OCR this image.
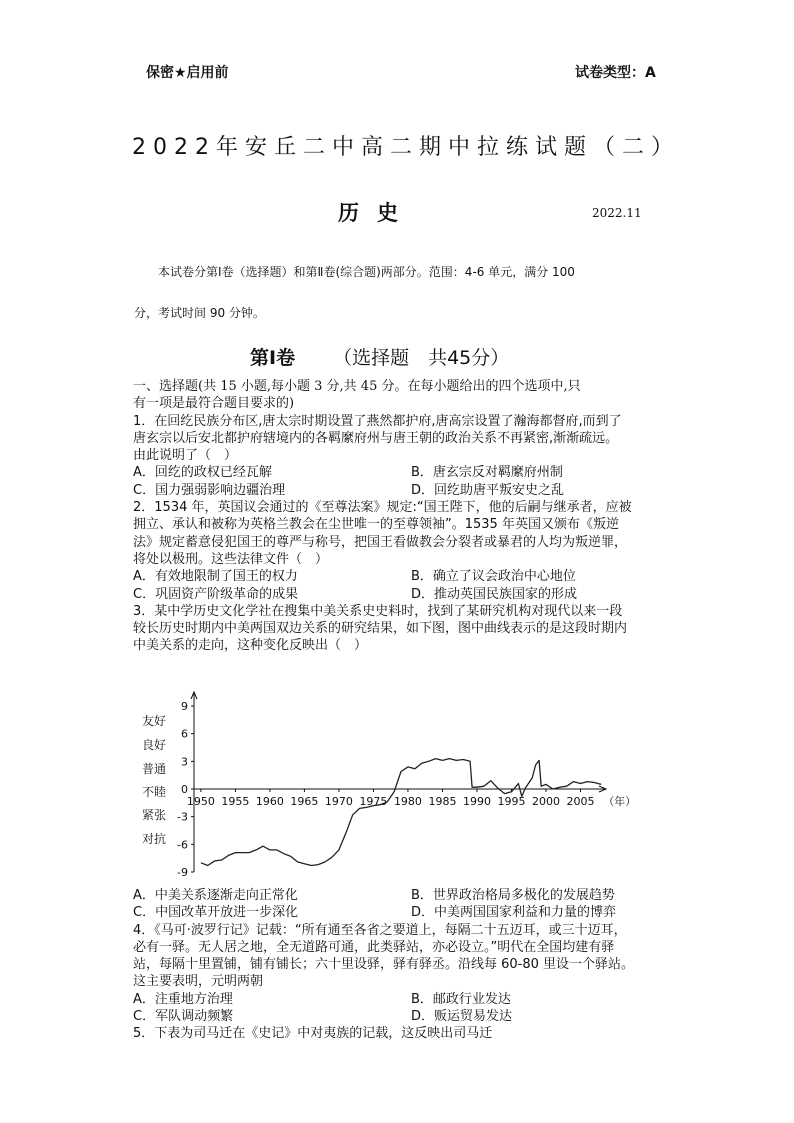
保密★启用前	试卷类型：A
2022年安丘二中高二期中拉练试题（二）
历史	2022.11
本试卷分第Ⅰ卷（选择题）和第Ⅱ卷(综合题)两部分。范围：4-6 单元，满分 100
分，考试时间 90 分钟。
第Ⅰ卷 （选择题　共45分）
一、选择题(共 15 小题,每小题 3 分,共 45 分。在每小题给出的四个选项中,只
有一项是最符合题目要求的)
1．在回纥民族分布区,唐太宗时期设置了燕然都护府,唐高宗设置了瀚海都督府,而到了
唐玄宗以后安北都护府辖境内的各羁縻府州与唐王朝的政治关系不再紧密,渐渐疏远。
由此说明了（　）
A．回纥的政权已经瓦解	B．唐玄宗反对羁縻府州制
C．国力强弱影响边疆治理	D．回纥助唐平叛安史之乱
2．1534 年，英国议会通过的《至尊法案》规定:“国王陛下，他的后嗣与继承者，应被
拥立、承认和被称为英格兰教会在尘世唯一的至尊领袖”。1535 年英国又颁布《叛逆
法》规定蓄意侵犯国王的尊严与称号，把国王看做教会分裂者或暴君的人均为叛逆罪，
将处以极刑。这些法律文件（　）
A．有效地限制了国王的权力	B．确立了议会政治中心地位
C．巩固资产阶级革命的成果	D．推动英国民族国家的形成
3．某中学历史文化学社在搜集中美关系史史料时，找到了某研究机构对现代以来一段
较长历史时期内中美两国双边关系的研究结果，如下图，图中曲线表示的是这段时期内
中美关系的走向，这种变化反映出（　）
友好
良好
普通
不睦
紧张
对抗
9
6
3
0
-3
-6
-9
1950 1955 1960 1965 1970 1975 1980 1985 1990 1995 2000 2005 （年）
A．中美关系逐渐走向正常化	B．世界政治格局多极化的发展趋势
C．中国改革开放进一步深化	D．中美两国国家利益和力量的博弈
4．《马可·波罗行记》记载：“所有通至各省之要道上，每隔二十五迈耳，或三十迈耳，
必有一驿。无人居之地，全无道路可通，此类驿站，亦必设立。”明代在全国均建有驿
站，每隔十里置铺，铺有铺长；六十里设驿，驿有驿丞。沿线每 60-80 里设一个驿站。
这主要表明，元明两朝
A．注重地方治理	B．邮政行业发达
C．军队调动频繁	D．贩运贸易发达
5．下表为司马迁在《史记》中对夷族的记载，这反映出司马迁
